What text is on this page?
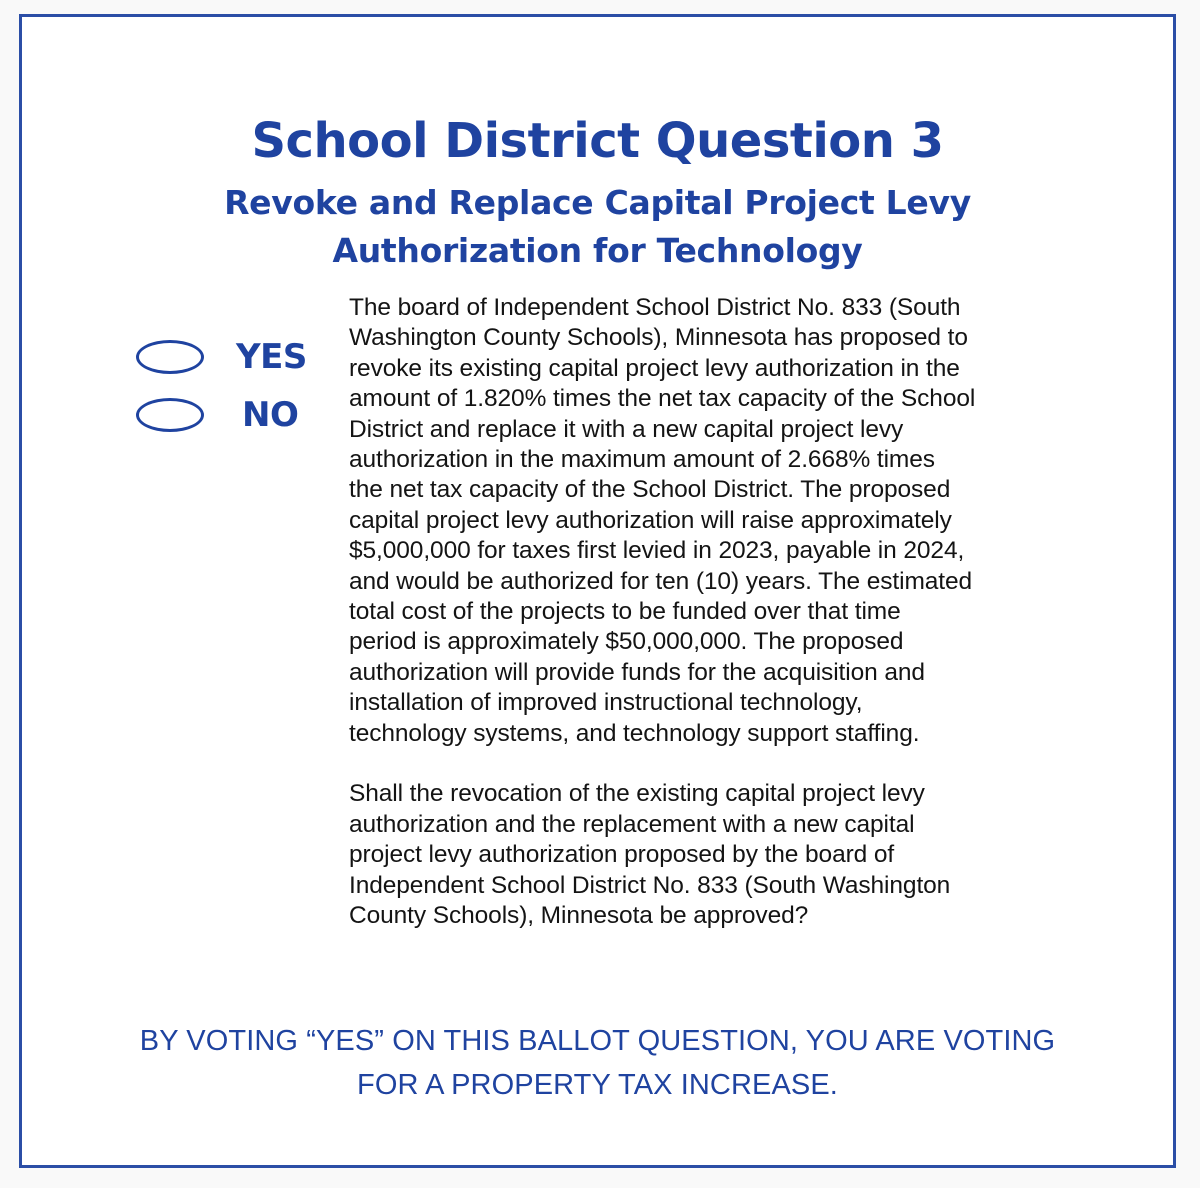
School District Question 3
Revoke and Replace Capital Project Levy
Authorization for Technology
YES
NO
The board of Independent School District No. 833 (South
Washington County Schools), Minnesota has proposed to
revoke its existing capital project levy authorization in the
amount of 1.820% times the net tax capacity of the School
District and replace it with a new capital project levy
authorization in the maximum amount of 2.668% times
the net tax capacity of the School District. The proposed
capital project levy authorization will raise approximately
$5,000,000 for taxes first levied in 2023, payable in 2024,
and would be authorized for ten (10) years. The estimated
total cost of the projects to be funded over that time
period is approximately $50,000,000. The proposed
authorization will provide funds for the acquisition and
installation of improved instructional technology,
technology systems, and technology support staffing.
Shall the revocation of the existing capital project levy
authorization and the replacement with a new capital
project levy authorization proposed by the board of
Independent School District No. 833 (South Washington
County Schools), Minnesota be approved?
BY VOTING “YES” ON THIS BALLOT QUESTION, YOU ARE VOTING
FOR A PROPERTY TAX INCREASE.
